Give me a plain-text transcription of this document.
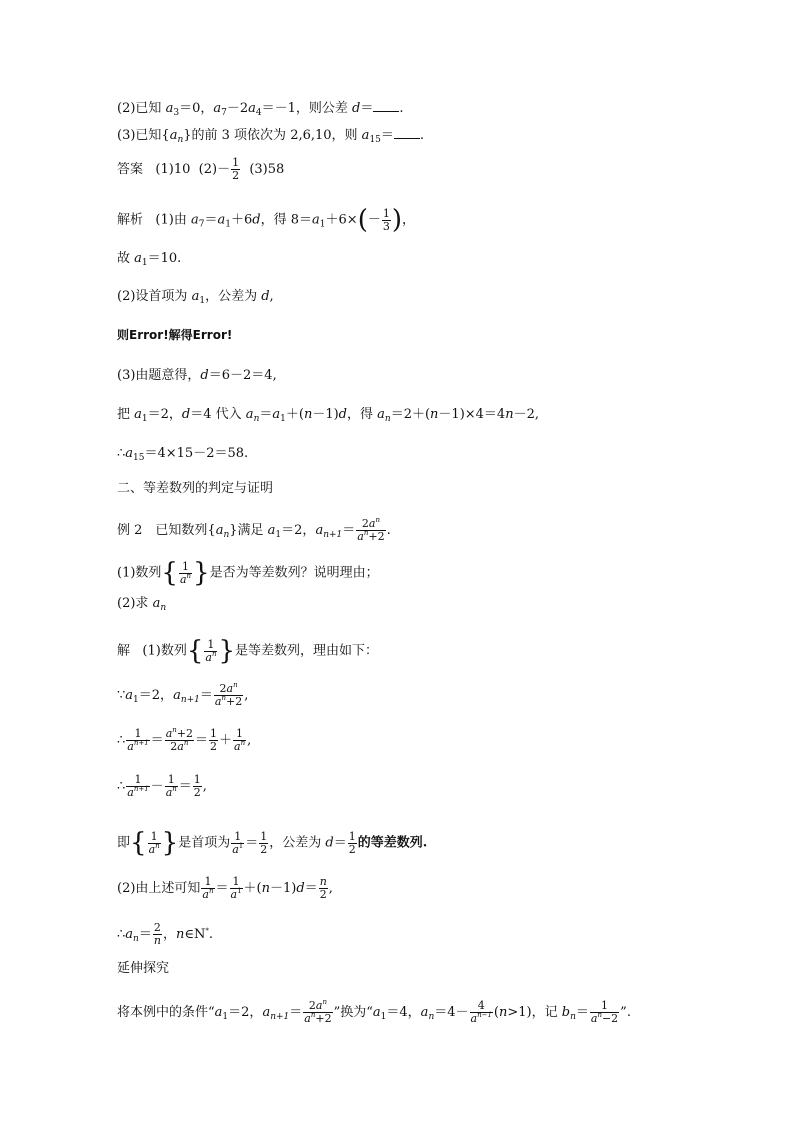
(2)已知 $a_3=0$，$a_7-2a_4=-1$，则公差 d＝ .
(3)已知$\{a_n\}$的前 3 项依次为 2,6,10，则 $a_{15}=$ .
答案 (1)10 $(2)- \frac{1}{2} (3)58$
解析 (1)由 $a_7=a_1+6d$，得 $8=a_1+6\times(- \frac{1}{3}$ )，
故 $a_1=10$.
(2)设首项为 $a_1$，公差为 d,
则Error!解得Error!
(3)由题意得，d＝6－2＝4,
把 $a_1=2$，d＝4 代入 $a_n=a_1+(n-1)d$，得 $a_n=2+(n-1)\times 4=4n-2$,
$\therefore a_{15}=4\times 15-2=58$.
二、等差数列的判定与证明
例 2　已知数列$\{a_n\}$满足 $a_1=2$，$a_{n+1}= \frac{2a^n}{a^n+2}$ .
(1)数列{ $\frac{1}{a^n}$ }是否为等差数列？说明理由；
(2)求 $a_n$
解 (1)数列{ $\frac{1}{a^n}$ }是等差数列，理由如下：
$\because a_1=2$，$a_{n+1}= \frac{2a^n}{a^n+2}$ ,
∴ $\frac{1}{a^{n+1}} = \frac{a^n+2}{2a^n} = \frac{1}{2} + \frac{1}{a^n}$ ,
∴ $\frac{1}{a^{n+1}} - \frac{1}{a^n} = \frac{1}{2}$ ,
即{ $\frac{1}{a^n}$ }是首项为 $\frac{1}{a^1} = \frac{1}{2}$ ，公差为 $d= \frac{1}{2}$ 的等差数列.
(2)由上述可知 $\frac{1}{a^n} = \frac{1}{a^1} +(n-1)d= \frac{n}{2}$ ,
$\therefore a_n= \frac{2}{n}$ ，n∈N*.
延伸探究
将本例中的条件“$a_1=2$，$a_{n+1}= \frac{2a^n}{a^n+2}$ ”换为“$a_1=4$，$a_n=4- \frac{4}{a^{n-1}} (n>1)$，记 $b_n= \frac{1}{a^n-2}$ ”.
